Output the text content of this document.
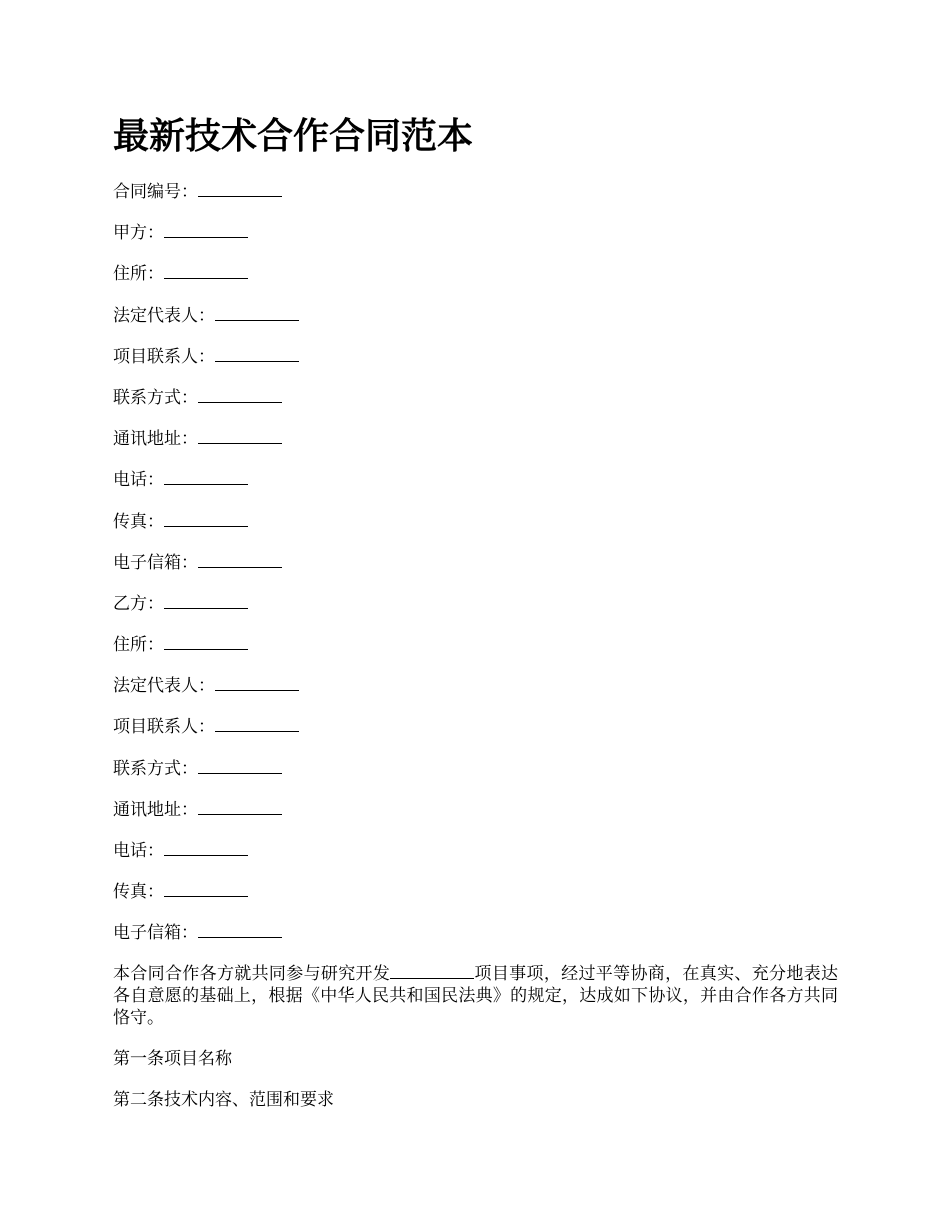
最新技术合作合同范本
合同编号：
甲方：
住所：
法定代表人：
项目联系人：
联系方式：
通讯地址：
电话：
传真：
电子信箱：
乙方：
住所：
法定代表人：
项目联系人：
联系方式：
通讯地址：
电话：
传真：
电子信箱：

本合同合作各方就共同参与研究开发	项目事项，经过平等协商，在真实、充分地表达各自意愿的基础上，根据《中华人民共和国民法典》的规定，达成如下协议，并由合作各方共同恪守。

第一条项目名称

第二条技术内容、范围和要求
